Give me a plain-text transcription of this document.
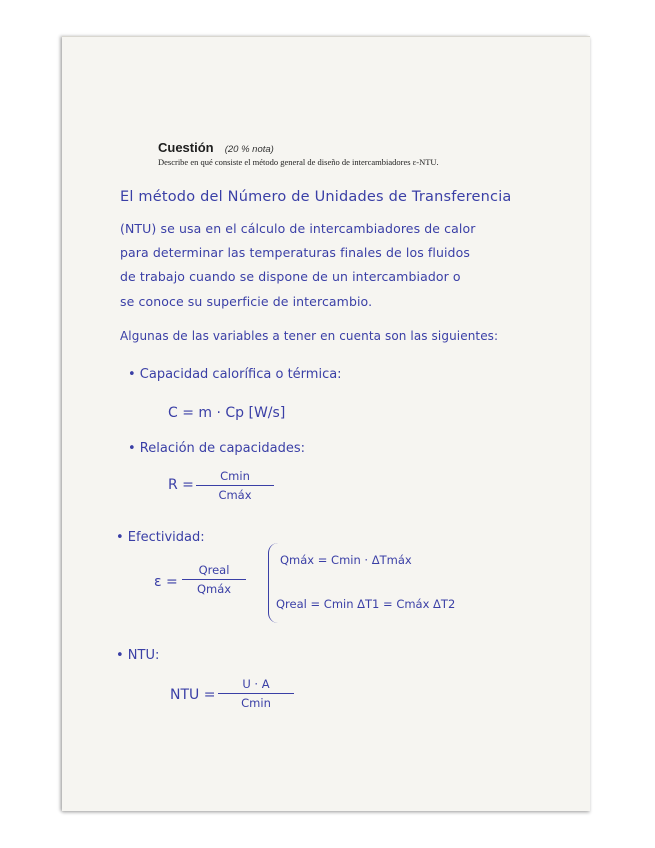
Cuestión (20 % nota)
Describe en qué consiste el método general de diseño de intercambiadores ε-NTU.
El método del Número de Unidades de Transferencia
(NTU) se usa en el cálculo de intercambiadores de calor
para determinar las temperaturas finales de los fluidos
de trabajo cuando se dispone de un intercambiador o
se conoce su superficie de intercambio.
Algunas de las variables a tener en cuenta son las siguientes:
• Capacidad calorífica o térmica:
C = m · Cp [W/s]
• Relación de capacidades:
R =
Cmin
Cmáx
• Efectividad:
ε =
Qreal
Qmáx
Qmáx = Cmin · ΔTmáx
Qreal = Cmin ΔT1 = Cmáx ΔT2
• NTU:
NTU =
U · A
Cmin
